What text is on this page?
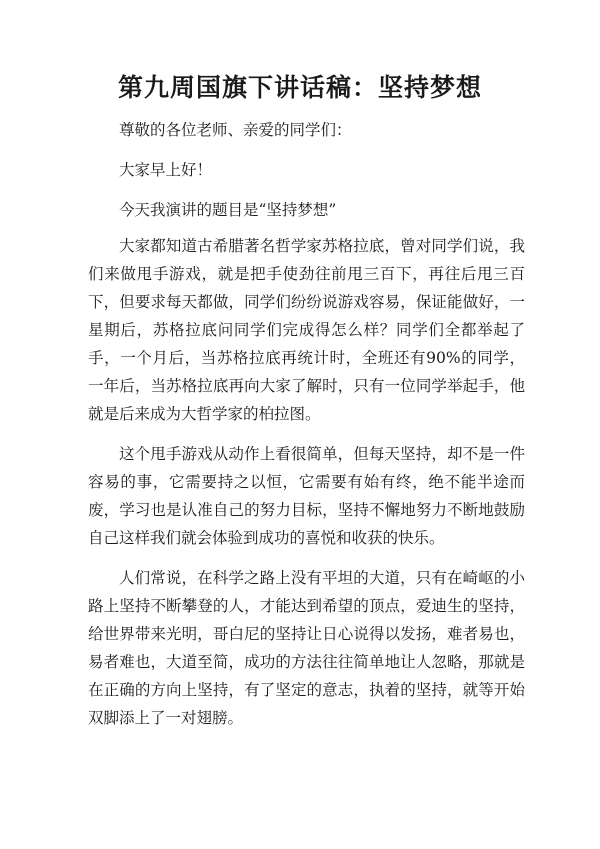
第九周国旗下讲话稿：坚持梦想

尊敬的各位老师、亲爱的同学们：

大家早上好！

今天我演讲的题目是“坚持梦想”

大家都知道古希腊著名哲学家苏格拉底，曾对同学们说，我们来做甩手游戏，就是把手使劲往前甩三百下，再往后甩三百下，但要求每天都做，同学们纷纷说游戏容易，保证能做好，一星期后，苏格拉底问同学们完成得怎么样？同学们全都举起了手，一个月后，当苏格拉底再统计时，全班还有90%的同学，一年后，当苏格拉底再向大家了解时，只有一位同学举起手，他就是后来成为大哲学家的柏拉图。

这个甩手游戏从动作上看很简单，但每天坚持，却不是一件容易的事，它需要持之以恒，它需要有始有终，绝不能半途而废，学习也是认准自己的努力目标，坚持不懈地努力不断地鼓励自己这样我们就会体验到成功的喜悦和收获的快乐。

人们常说，在科学之路上没有平坦的大道，只有在崎岖的小路上坚持不断攀登的人，才能达到希望的顶点，爱迪生的坚持，给世界带来光明，哥白尼的坚持让日心说得以发扬，难者易也，易者难也，大道至简，成功的方法往往简单地让人忽略，那就是在正确的方向上坚持，有了坚定的意志，执着的坚持，就等开始双脚添上了一对翅膀。
